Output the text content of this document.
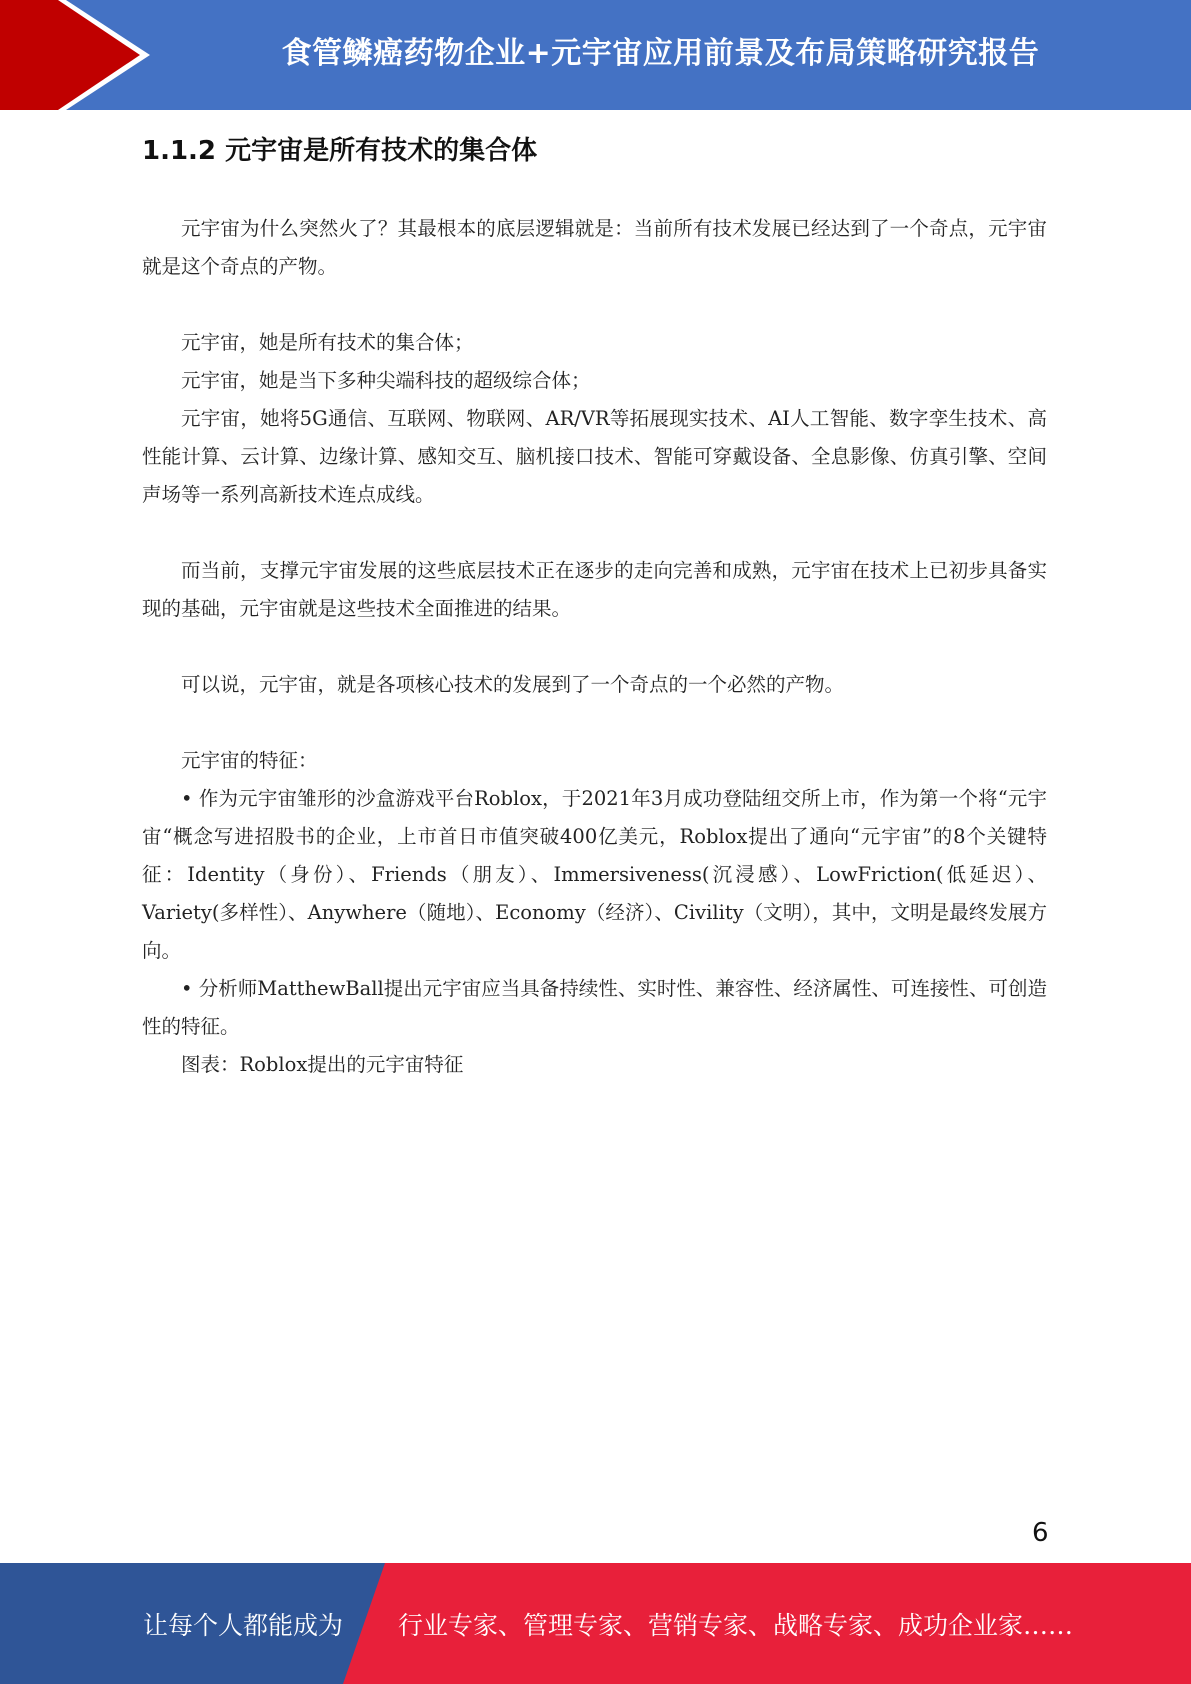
食管鳞癌药物企业+元宇宙应用前景及布局策略研究报告
1.1.2 元宇宙是所有技术的集合体

元宇宙为什么突然火了？其最根本的底层逻辑就是：当前所有技术发展已经达到了一个奇点，元宇宙就是这个奇点的产物。

元宇宙，她是所有技术的集合体；

元宇宙，她是当下多种尖端科技的超级综合体；

元宇宙，她将5G通信、互联网、物联网、AR/VR等拓展现实技术、AI人工智能、数字孪生技术、高性能计算、云计算、边缘计算、感知交互、脑机接口技术、智能可穿戴设备、全息影像、仿真引擎、空间声场等一系列高新技术连点成线。

而当前，支撑元宇宙发展的这些底层技术正在逐步的走向完善和成熟，元宇宙在技术上已初步具备实现的基础，元宇宙就是这些技术全面推进的结果。

可以说，元宇宙，就是各项核心技术的发展到了一个奇点的一个必然的产物。

元宇宙的特征：

• 作为元宇宙雏形的沙盒游戏平台Roblox，于2021年3月成功登陆纽交所上市，作为第一个将“元宇宙“概念写进招股书的企业，上市首日市值突破400亿美元，Roblox提出了通向“元宇宙”的8个关键特征：Identity（身份）、Friends（朋友）、Immersiveness(沉浸感）、LowFriction(低延迟）、Variety(多样性）、Anywhere（随地）、Economy（经济）、Civility（文明），其中，文明是最终发展方向。

• 分析师MatthewBall提出元宇宙应当具备持续性、实时性、兼容性、经济属性、可连接性、可创造性的特征。

图表：Roblox提出的元宇宙特征

6
让每个人都能成为 行业专家、管理专家、营销专家、战略专家、成功企业家……
